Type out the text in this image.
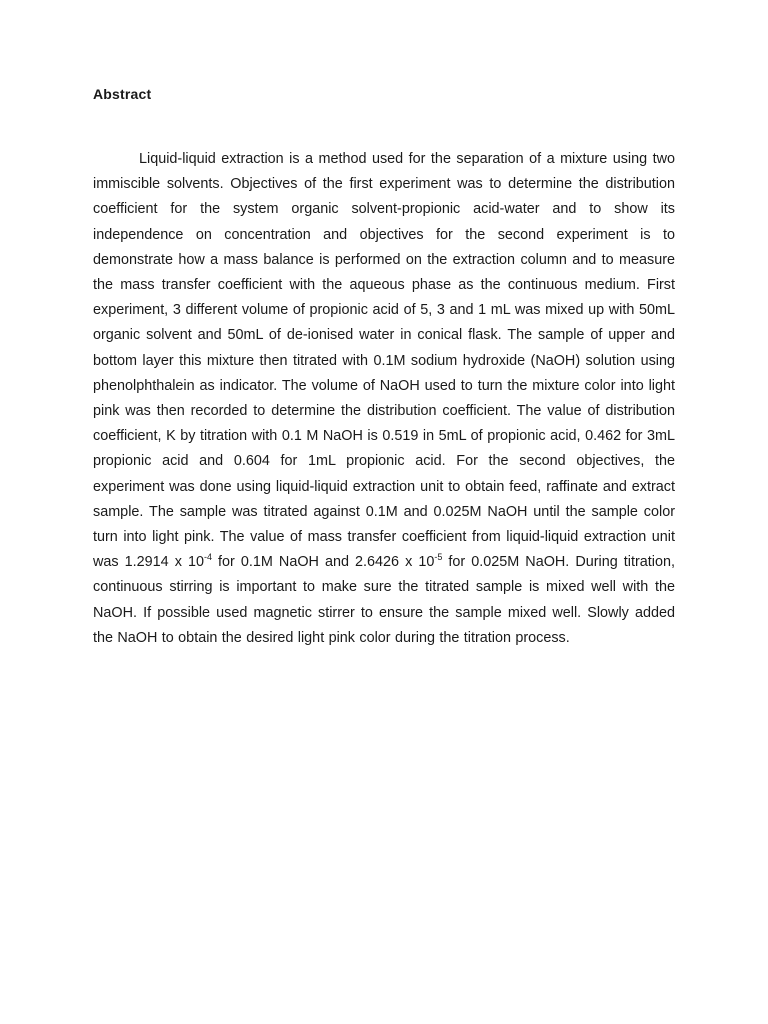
Abstract

Liquid-liquid extraction is a method used for the separation of a mixture using two immiscible solvents. Objectives of the first experiment was to determine the distribution coefficient for the system organic solvent-propionic acid-water and to show its independence on concentration and objectives for the second experiment is to demonstrate how a mass balance is performed on the extraction column and to measure the mass transfer coefficient with the aqueous phase as the continuous medium. First experiment, 3 different volume of propionic acid of 5, 3 and 1 mL was mixed up with 50mL organic solvent and 50mL of de-ionised water in conical flask. The sample of upper and bottom layer this mixture then titrated with 0.1M sodium hydroxide (NaOH) solution using phenolphthalein as indicator. The volume of NaOH used to turn the mixture color into light pink was then recorded to determine the distribution coefficient. The value of distribution coefficient, K by titration with 0.1 M NaOH is 0.519 in 5mL of propionic acid, 0.462 for 3mL propionic acid and 0.604 for 1mL propionic acid. For the second objectives, the experiment was done using liquid-liquid extraction unit to obtain feed, raffinate and extract sample. The sample was titrated against 0.1M and 0.025M NaOH until the sample color turn into light pink. The value of mass transfer coefficient from liquid-liquid extraction unit was 1.2914 x $10^{-4}$ for 0.1M NaOH and 2.6426 x $10^{-5}$ for 0.025M NaOH. During titration, continuous stirring is important to make sure the titrated sample is mixed well with the NaOH. If possible used magnetic stirrer to ensure the sample mixed well. Slowly added the NaOH to obtain the desired light pink color during the titration process.
